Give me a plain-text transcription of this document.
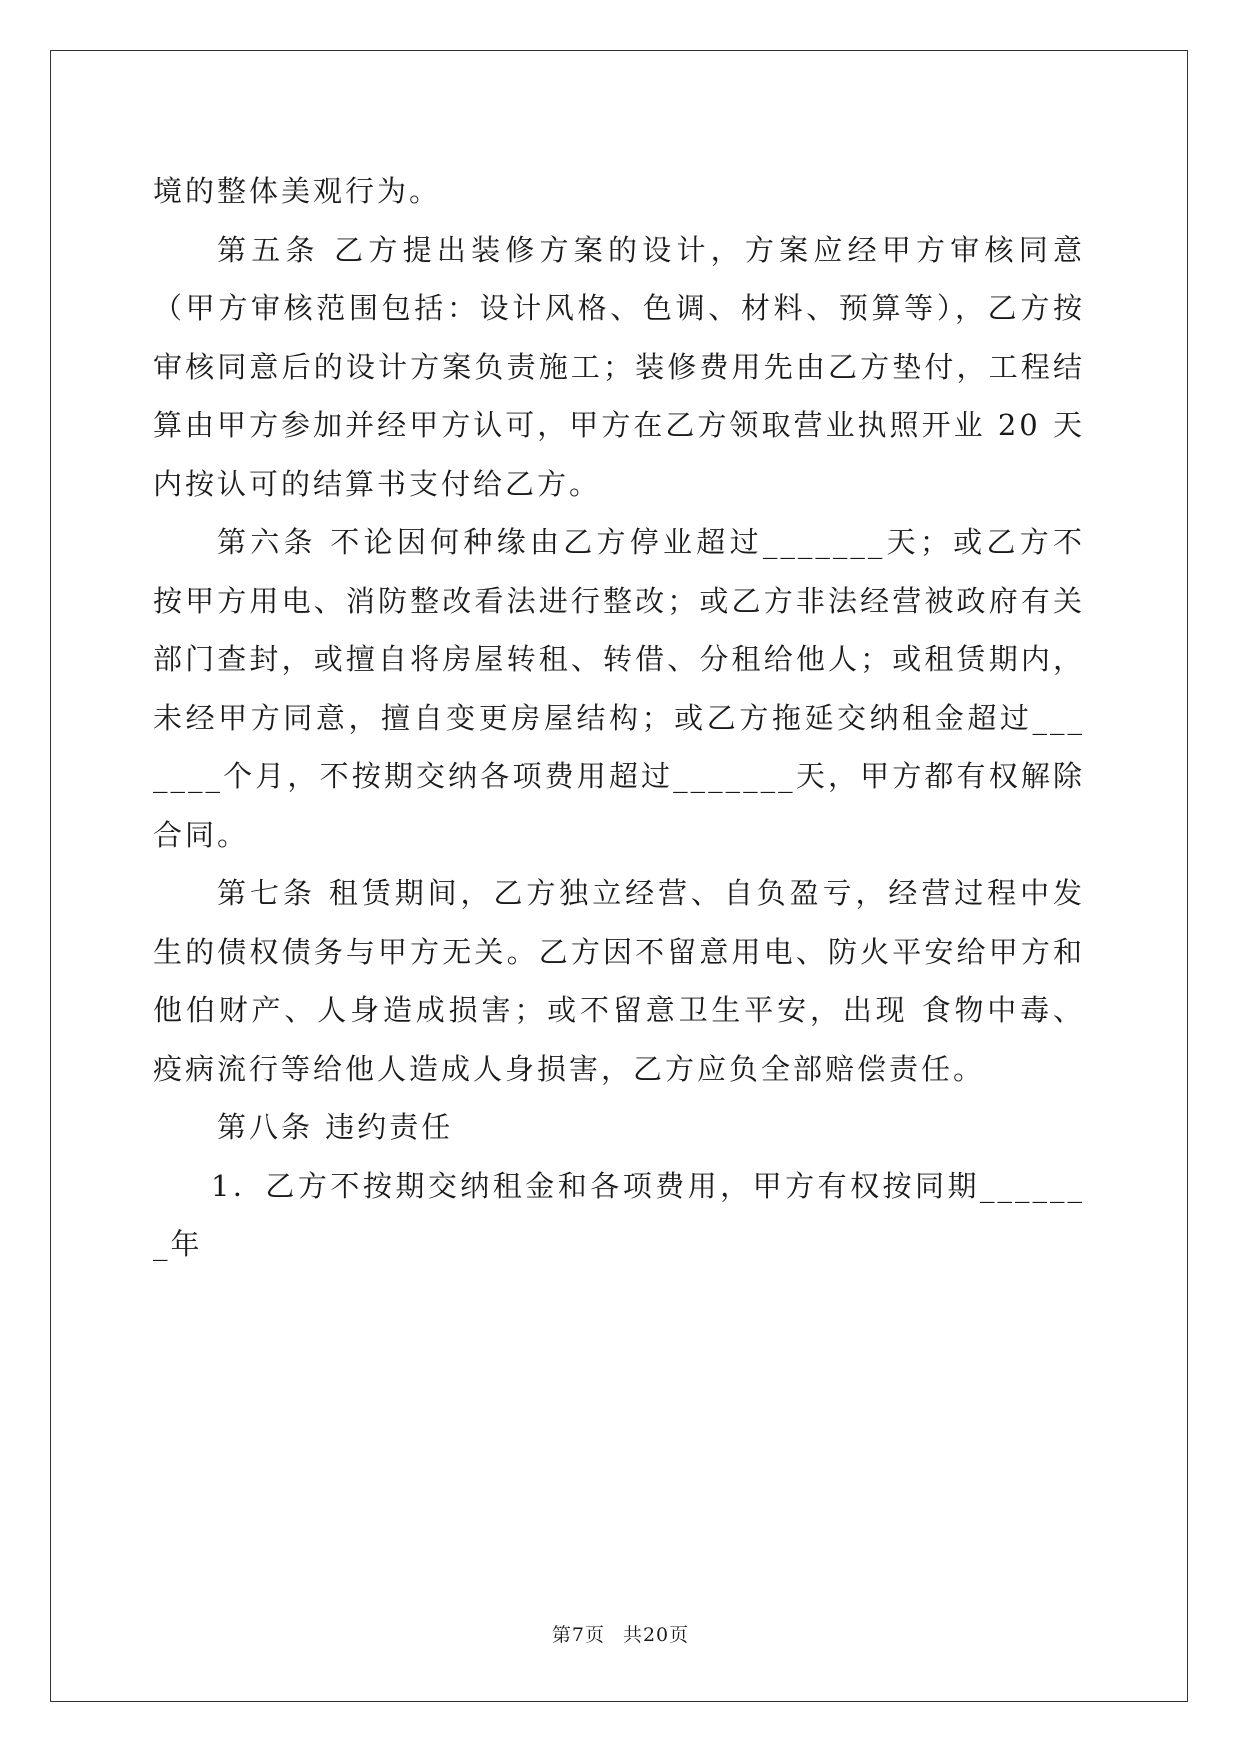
境的整体美观行为。

第五条 乙方提出装修方案的设计，方案应经甲方审核同意（甲方审核范围包括：设计风格、色调、材料、预算等），乙方按审核同意后的设计方案负责施工；装修费用先由乙方垫付，工程结算由甲方参加并经甲方认可，甲方在乙方领取营业执照开业 20 天内按认可的结算书支付给乙方。

第六条 不论因何种缘由乙方停业超过_______天；或乙方不按甲方用电、消防整改看法进行整改；或乙方非法经营被政府有关部门查封，或擅自将房屋转租、转借、分租给他人；或租赁期内，未经甲方同意，擅自变更房屋结构；或乙方拖延交纳租金超过_______个月，不按期交纳各项费用超过_______天，甲方都有权解除合同。

第七条 租赁期间，乙方独立经营、自负盈亏，经营过程中发生的债权债务与甲方无关。乙方因不留意用电、防火平安给甲方和他伯财产、人身造成损害；或不留意卫生平安，出现 食物中毒、疫病流行等给他人造成人身损害，乙方应负全部赔偿责任。

第八条 违约责任

1．乙方不按期交纳租金和各项费用，甲方有权按同期_______年

第7页 共20页
